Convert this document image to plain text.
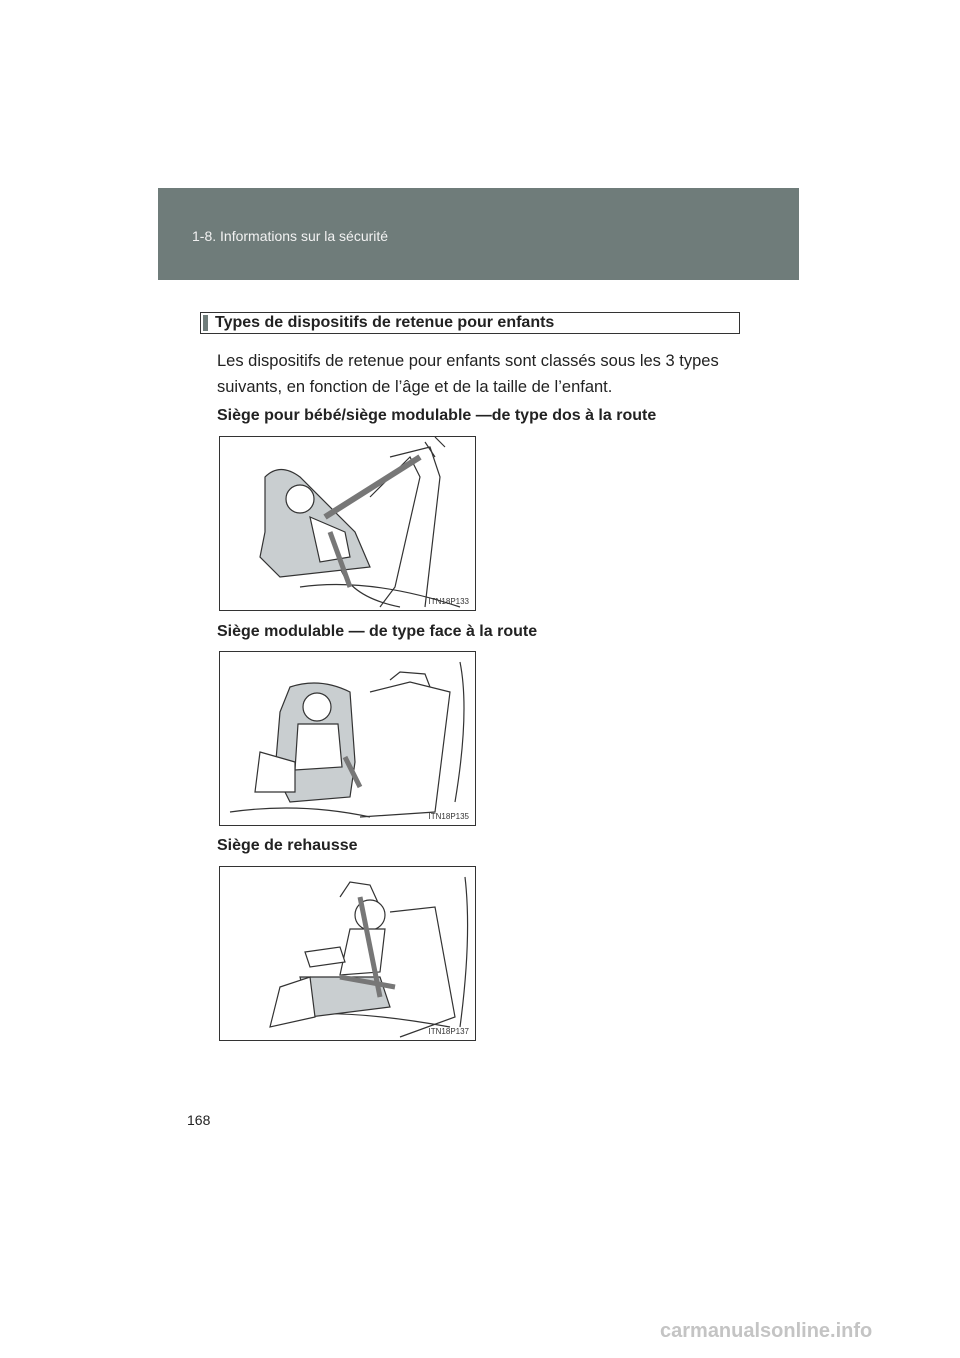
1-8. Informations sur la sécurité
Types de dispositifs de retenue pour enfants
Les dispositifs de retenue pour enfants sont classés sous les 3 types suivants, en fonction de l’âge et de la taille de l’enfant.
Siège pour bébé/siège modulable —de type dos à la route
ITN18P133
Siège modulable — de type face à la route
ITN18P135
Siège de rehausse
ITN18P137
168
carmanualsonline.info
